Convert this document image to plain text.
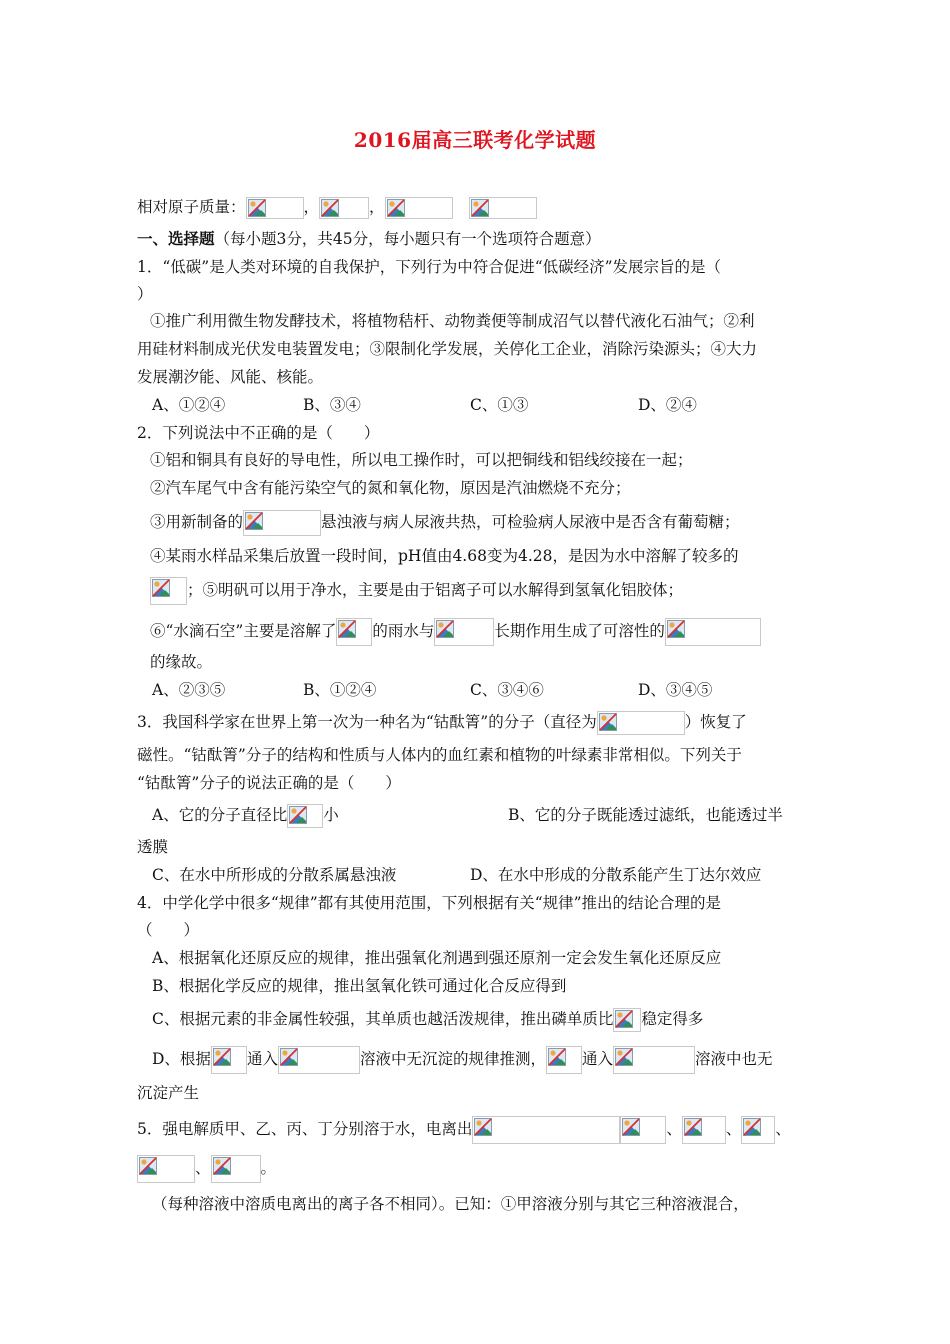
2016届高三联考化学试题
相对原子质量：	，	，
一、选择题（每小题3分，共45分，每小题只有一个选项符合题意）
1．“低碳”是人类对环境的自我保护，下列行为中符合促进“低碳经济”发展宗旨的是（
）
①推广利用微生物发酵技术，将植物秸杆、动物粪便等制成沼气以替代液化石油气；②利
用硅材料制成光伏发电装置发电；③限制化学发展，关停化工企业，消除污染源头；④大力
发展潮汐能、风能、核能。
A、①②④	B、③④	C、①③	D、②④
2．下列说法中不正确的是（　　）
①铝和铜具有良好的导电性，所以电工操作时，可以把铜线和铝线绞接在一起；
②汽车尾气中含有能污染空气的氮和氧化物，原因是汽油燃烧不充分；
③用新制备的	悬浊液与病人尿液共热，可检验病人尿液中是否含有葡萄糖；
④某雨水样品采集后放置一段时间，pH值由4.68变为4.28，是因为水中溶解了较多的
；⑤明矾可以用于净水，主要是由于铝离子可以水解得到氢氧化铝胶体；
⑥“水滴石空”主要是溶解了 的雨水与	长期作用生成了可溶性的
的缘故。
A、②③⑤	B、①②④	C、③④⑥	D、③④⑤
3．我国科学家在世界上第一次为一种名为“钴酞箐”的分子（直径为	）恢复了
磁性。“钴酞箐”分子的结构和性质与人体内的血红素和植物的叶绿素非常相似。下列关于
“钴酞箐”分子的说法正确的是（　　）
A、它的分子直径比 小	B、它的分子既能透过滤纸，也能透过半
透膜
C、在水中所形成的分散系属悬浊液	D、在水中形成的分散系能产生丁达尔效应
4．中学化学中很多“规律”都有其使用范围，下列根据有关“规律”推出的结论合理的是
（　　）
A、根据氧化还原反应的规律，推出强氧化剂遇到强还原剂一定会发生氧化还原反应
B、根据化学反应的规律，推出氢氧化铁可通过化合反应得到
C、根据元素的非金属性较强，其单质也越活泼规律，推出磷单质比 稳定得多
D、根据 通入	溶液中无沉淀的规律推测， 通入	溶液中也无
沉淀产生
5．强电解质甲、乙、丙、丁分别溶于水，电离出	、	、 、
、	。
（每种溶液中溶质电离出的离子各不相同）。已知：①甲溶液分别与其它三种溶液混合，
